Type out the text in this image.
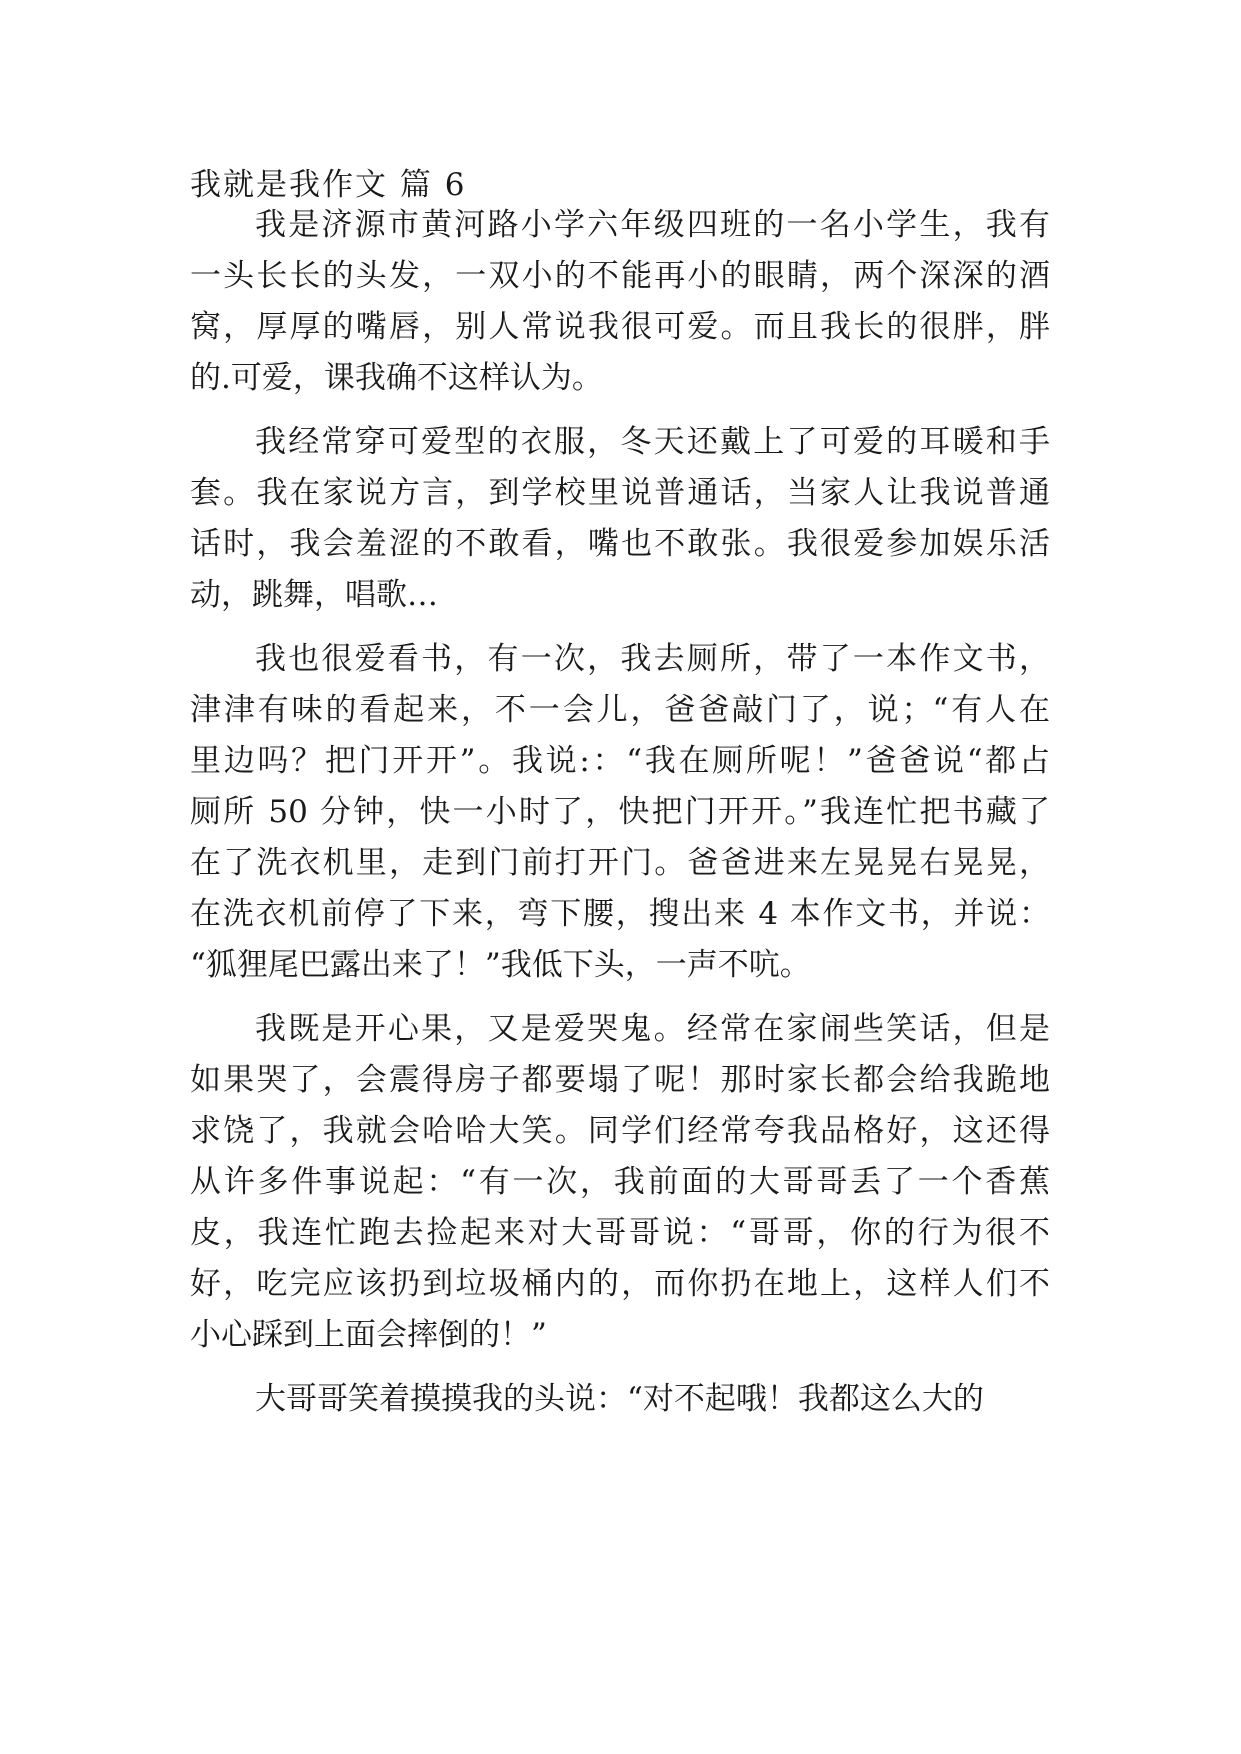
我就是我作文 篇 6

我是济源市黄河路小学六年级四班的一名小学生，我有

一头长长的头发，一双小的不能再小的眼睛，两个深深的酒

窝，厚厚的嘴唇，别人常说我很可爱。而且我长的很胖，胖

的.可爱，课我确不这样认为。

我经常穿可爱型的衣服，冬天还戴上了可爱的耳暖和手

套。我在家说方言，到学校里说普通话，当家人让我说普通

话时，我会羞涩的不敢看，嘴也不敢张。我很爱参加娱乐活

动，跳舞，唱歌…

我也很爱看书，有一次，我去厕所，带了一本作文书，

津津有味的看起来，不一会儿，爸爸敲门了，说；“有人在

里边吗？把门开开”。我说:：“我在厕所呢！”爸爸说“都占

厕所 50 分钟，快一小时了，快把门开开。”我连忙把书藏了

在了洗衣机里，走到门前打开门。爸爸进来左晃晃右晃晃，

在洗衣机前停了下来，弯下腰，搜出来 4 本作文书，并说：

“狐狸尾巴露出来了！”我低下头，一声不吭。

我既是开心果，又是爱哭鬼。经常在家闹些笑话，但是

如果哭了，会震得房子都要塌了呢！那时家长都会给我跪地

求饶了，我就会哈哈大笑。同学们经常夸我品格好，这还得

从许多件事说起：“有一次，我前面的大哥哥丢了一个香蕉

皮，我连忙跑去捡起来对大哥哥说：“哥哥，你的行为很不

好，吃完应该扔到垃圾桶内的，而你扔在地上，这样人们不

小心踩到上面会摔倒的！”

大哥哥笑着摸摸我的头说：“对不起哦！我都这么大的
